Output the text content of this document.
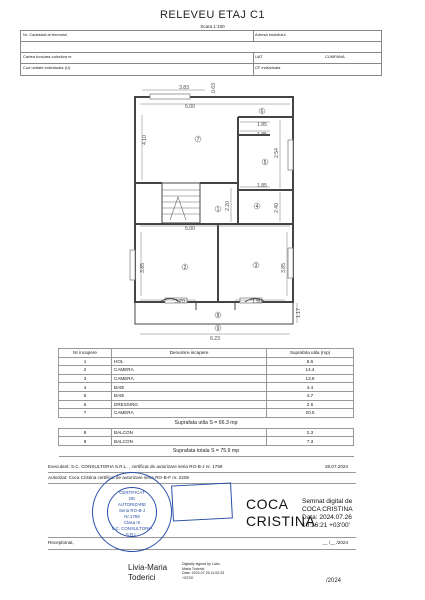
RELEVEU ETAJ C1
Scara 1:100
Nr. Cadastral al terenului	Adresa imobilului
Cartea funciara colectiva nr	UAT	CUMPANA
Cod unitate individuala (U)	CF individuala
3.83	0.63
5.00
4.10
1.85
1.85
1.85
2.54
2.40
2.20
5.00
3.85	3.85
3.70	1.50
1.17
6.23
1
2	3
4
5
6
7
8
9
Nr incapere	Denumire incapere	Suprafata utila (mp)
1	HOL	5.6
2	CAMERA	14.4
3	CAMERA	13.9
4	BAIE	4.4
5	BAIE	4.7
6	DRESSING	2.6
7	CAMERA	20.5
Suprafata utila S = 66.3 mp		
8	BALCON	2.3
9	BALCON	7.3
Suprafata totala S = 75.9 mp		
Executant: S.C. CONSULTORIA S.R.L. , certificat de autorizare seria RO-B-J nr. 1759	26.07.2024
Autorizat: Coca Cristina certificat de autorizare seria RO-B-F nr. 2208
Receptionat,	__ /__ /2024
CERTIFICAT
DE
AUTORIZARE
Seria RO-B-J
Nr.1759
Clasa III
S.C. CONSULTORIA
S.R.L.
COCA
CRISTINA
Semnat digital de
COCA CRISTINA
Data: 2024.07.26
10:16:21 +03'00'
Livia-Maria
Toderici
Digitally signed by Livia-
Maria Toderici
Date: 2024.07.26 11:02:33
+03'00'
/2024
